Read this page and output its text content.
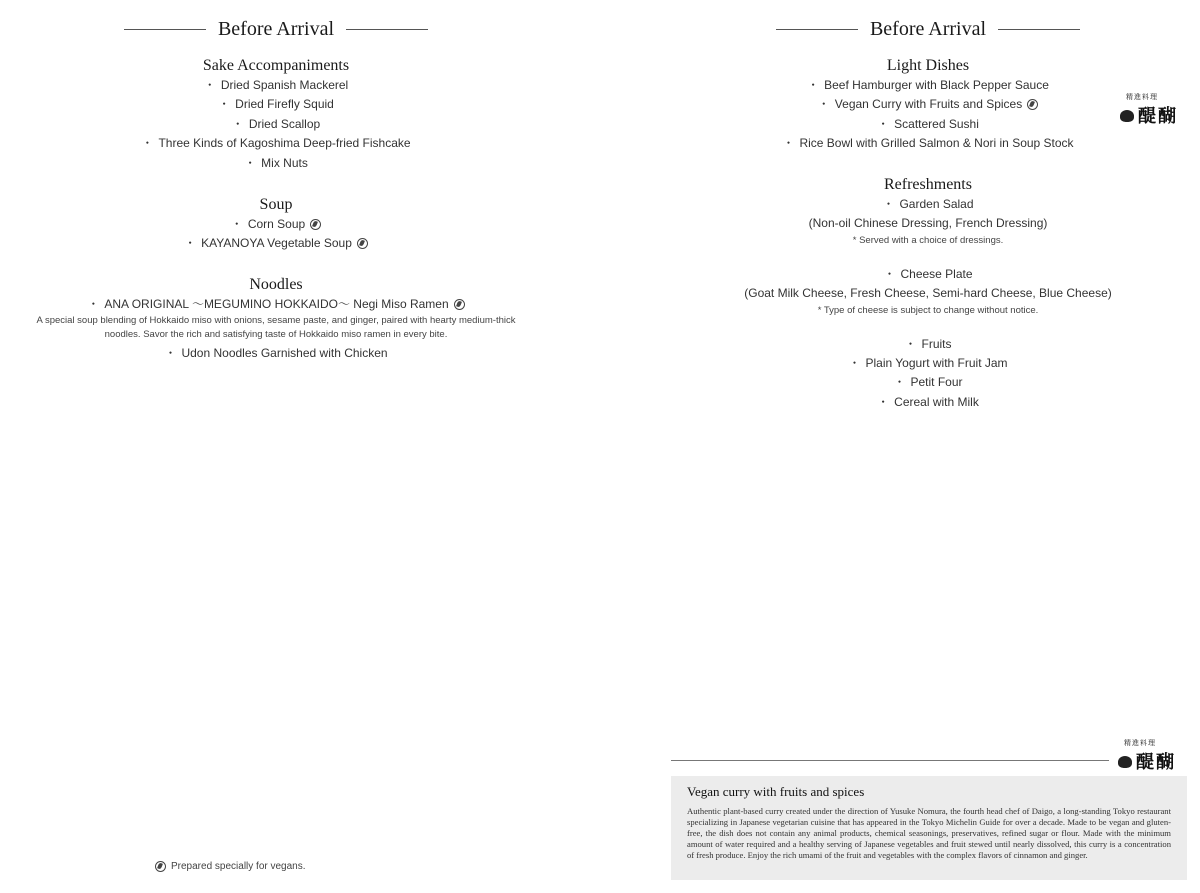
Before Arrival
Sake Accompaniments
・ Dried Spanish Mackerel
・ Dried Firefly Squid
・ Dried Scallop
・ Three Kinds of Kagoshima Deep-fried Fishcake
・ Mix Nuts
Soup
・ Corn Soup
・ KAYANOYA Vegetable Soup
Noodles
・ ANA ORIGINAL 〜MEGUMINO HOKKAIDO〜 Negi Miso Ramen
A special soup blending of Hokkaido miso with onions, sesame paste, and ginger, paired with hearty medium-thick noodles. Savor the rich and satisfying taste of Hokkaido miso ramen in every bite.
・ Udon Noodles Garnished with Chicken
Prepared specially for vegans.
Before Arrival
Light Dishes
・ Beef Hamburger with Black Pepper Sauce
・ Vegan Curry with Fruits and Spices
・ Scattered Sushi
・ Rice Bowl with Grilled Salmon & Nori in Soup Stock
Refreshments
・ Garden Salad
(Non-oil Chinese Dressing, French Dressing)
* Served with a choice of dressings.
・ Cheese Plate
(Goat Milk Cheese, Fresh Cheese, Semi-hard Cheese, Blue Cheese)
* Type of cheese is subject to change without notice.
・ Fruits
・ Plain Yogurt with Fruit Jam
・ Petit Four
・ Cereal with Milk
精進料理
醍醐
精進料理
醍醐
Vegan curry with fruits and spices
Authentic plant-based curry created under the direction of Yusuke Nomura, the fourth head chef of Daigo, a long-standing Tokyo restaurant specializing in Japanese vegetarian cuisine that has appeared in the Tokyo Michelin Guide for over a decade. Made to be vegan and gluten-free, the dish does not contain any animal products, chemical seasonings, preservatives, refined sugar or flour. Made with the minimum amount of water required and a healthy serving of Japanese vegetables and fruit stewed until nearly dissolved, this curry is a concentration of fresh produce. Enjoy the rich umami of the fruit and vegetables with the complex flavors of cinnamon and ginger.
